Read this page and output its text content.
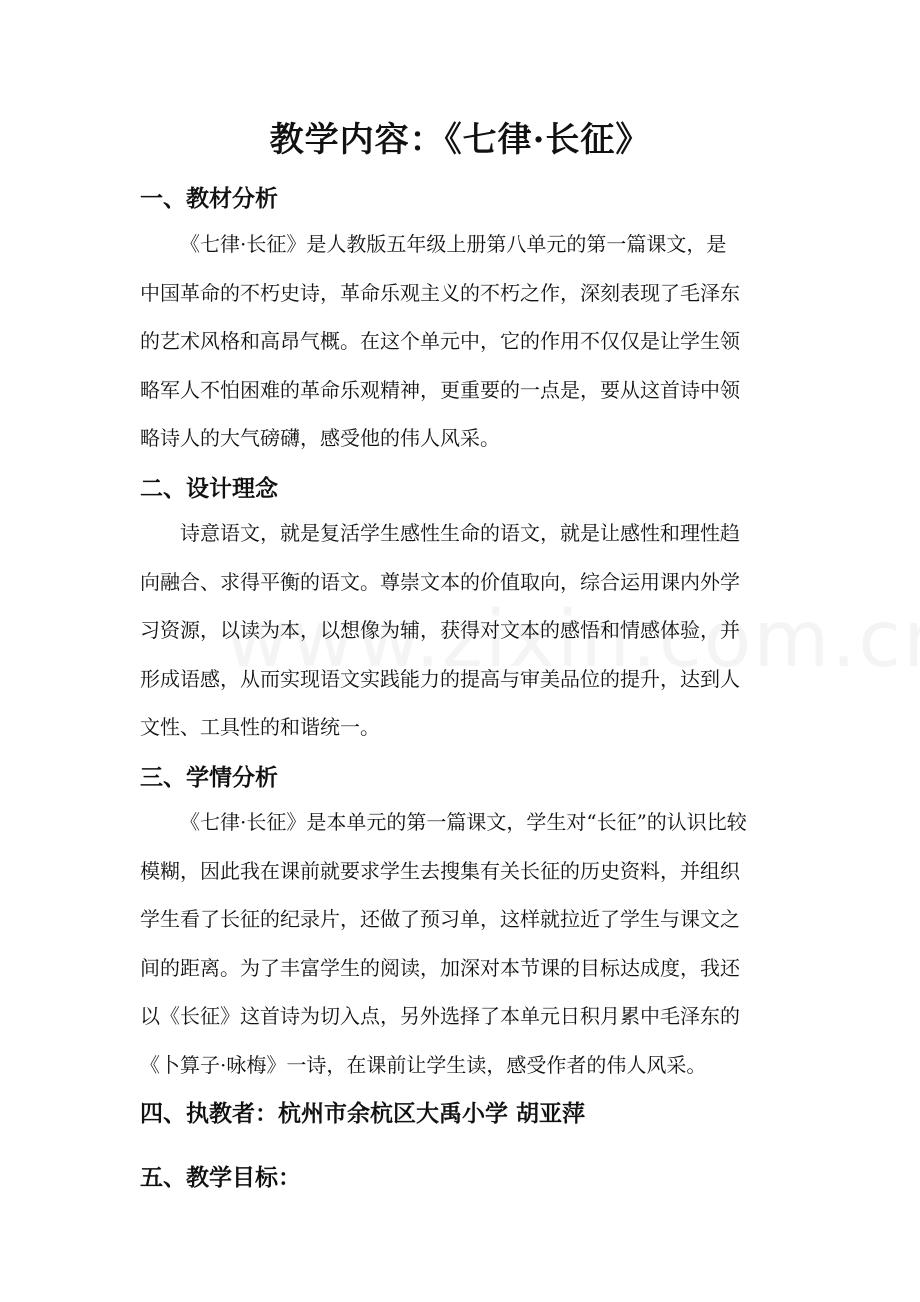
教学内容：《七律·长征》
一、教材分析
《七律·长征》是人教版五年级上册第八单元的第一篇课文，是
中国革命的不朽史诗，革命乐观主义的不朽之作，深刻表现了毛泽东
的艺术风格和高昂气概。在这个单元中，它的作用不仅仅是让学生领
略军人不怕困难的革命乐观精神，更重要的一点是，要从这首诗中领
略诗人的大气磅礴，感受他的伟人风采。
二、设计理念
诗意语文，就是复活学生感性生命的语文，就是让感性和理性趋
向融合、求得平衡的语文。尊崇文本的价值取向，综合运用课内外学
习资源，以读为本，以想像为辅，获得对文本的感悟和情感体验，并
形成语感，从而实现语文实践能力的提高与审美品位的提升，达到人
文性、工具性的和谐统一。
三、学情分析
《七律·长征》是本单元的第一篇课文，学生对“长征”的认识比较
模糊，因此我在课前就要求学生去搜集有关长征的历史资料，并组织
学生看了长征的纪录片，还做了预习单，这样就拉近了学生与课文之
间的距离。为了丰富学生的阅读，加深对本节课的目标达成度，我还
以《长征》这首诗为切入点，另外选择了本单元日积月累中毛泽东的
《卜算子·咏梅》一诗，在课前让学生读，感受作者的伟人风采。
四、执教者：杭州市余杭区大禹小学 胡亚萍
五、教学目标：
